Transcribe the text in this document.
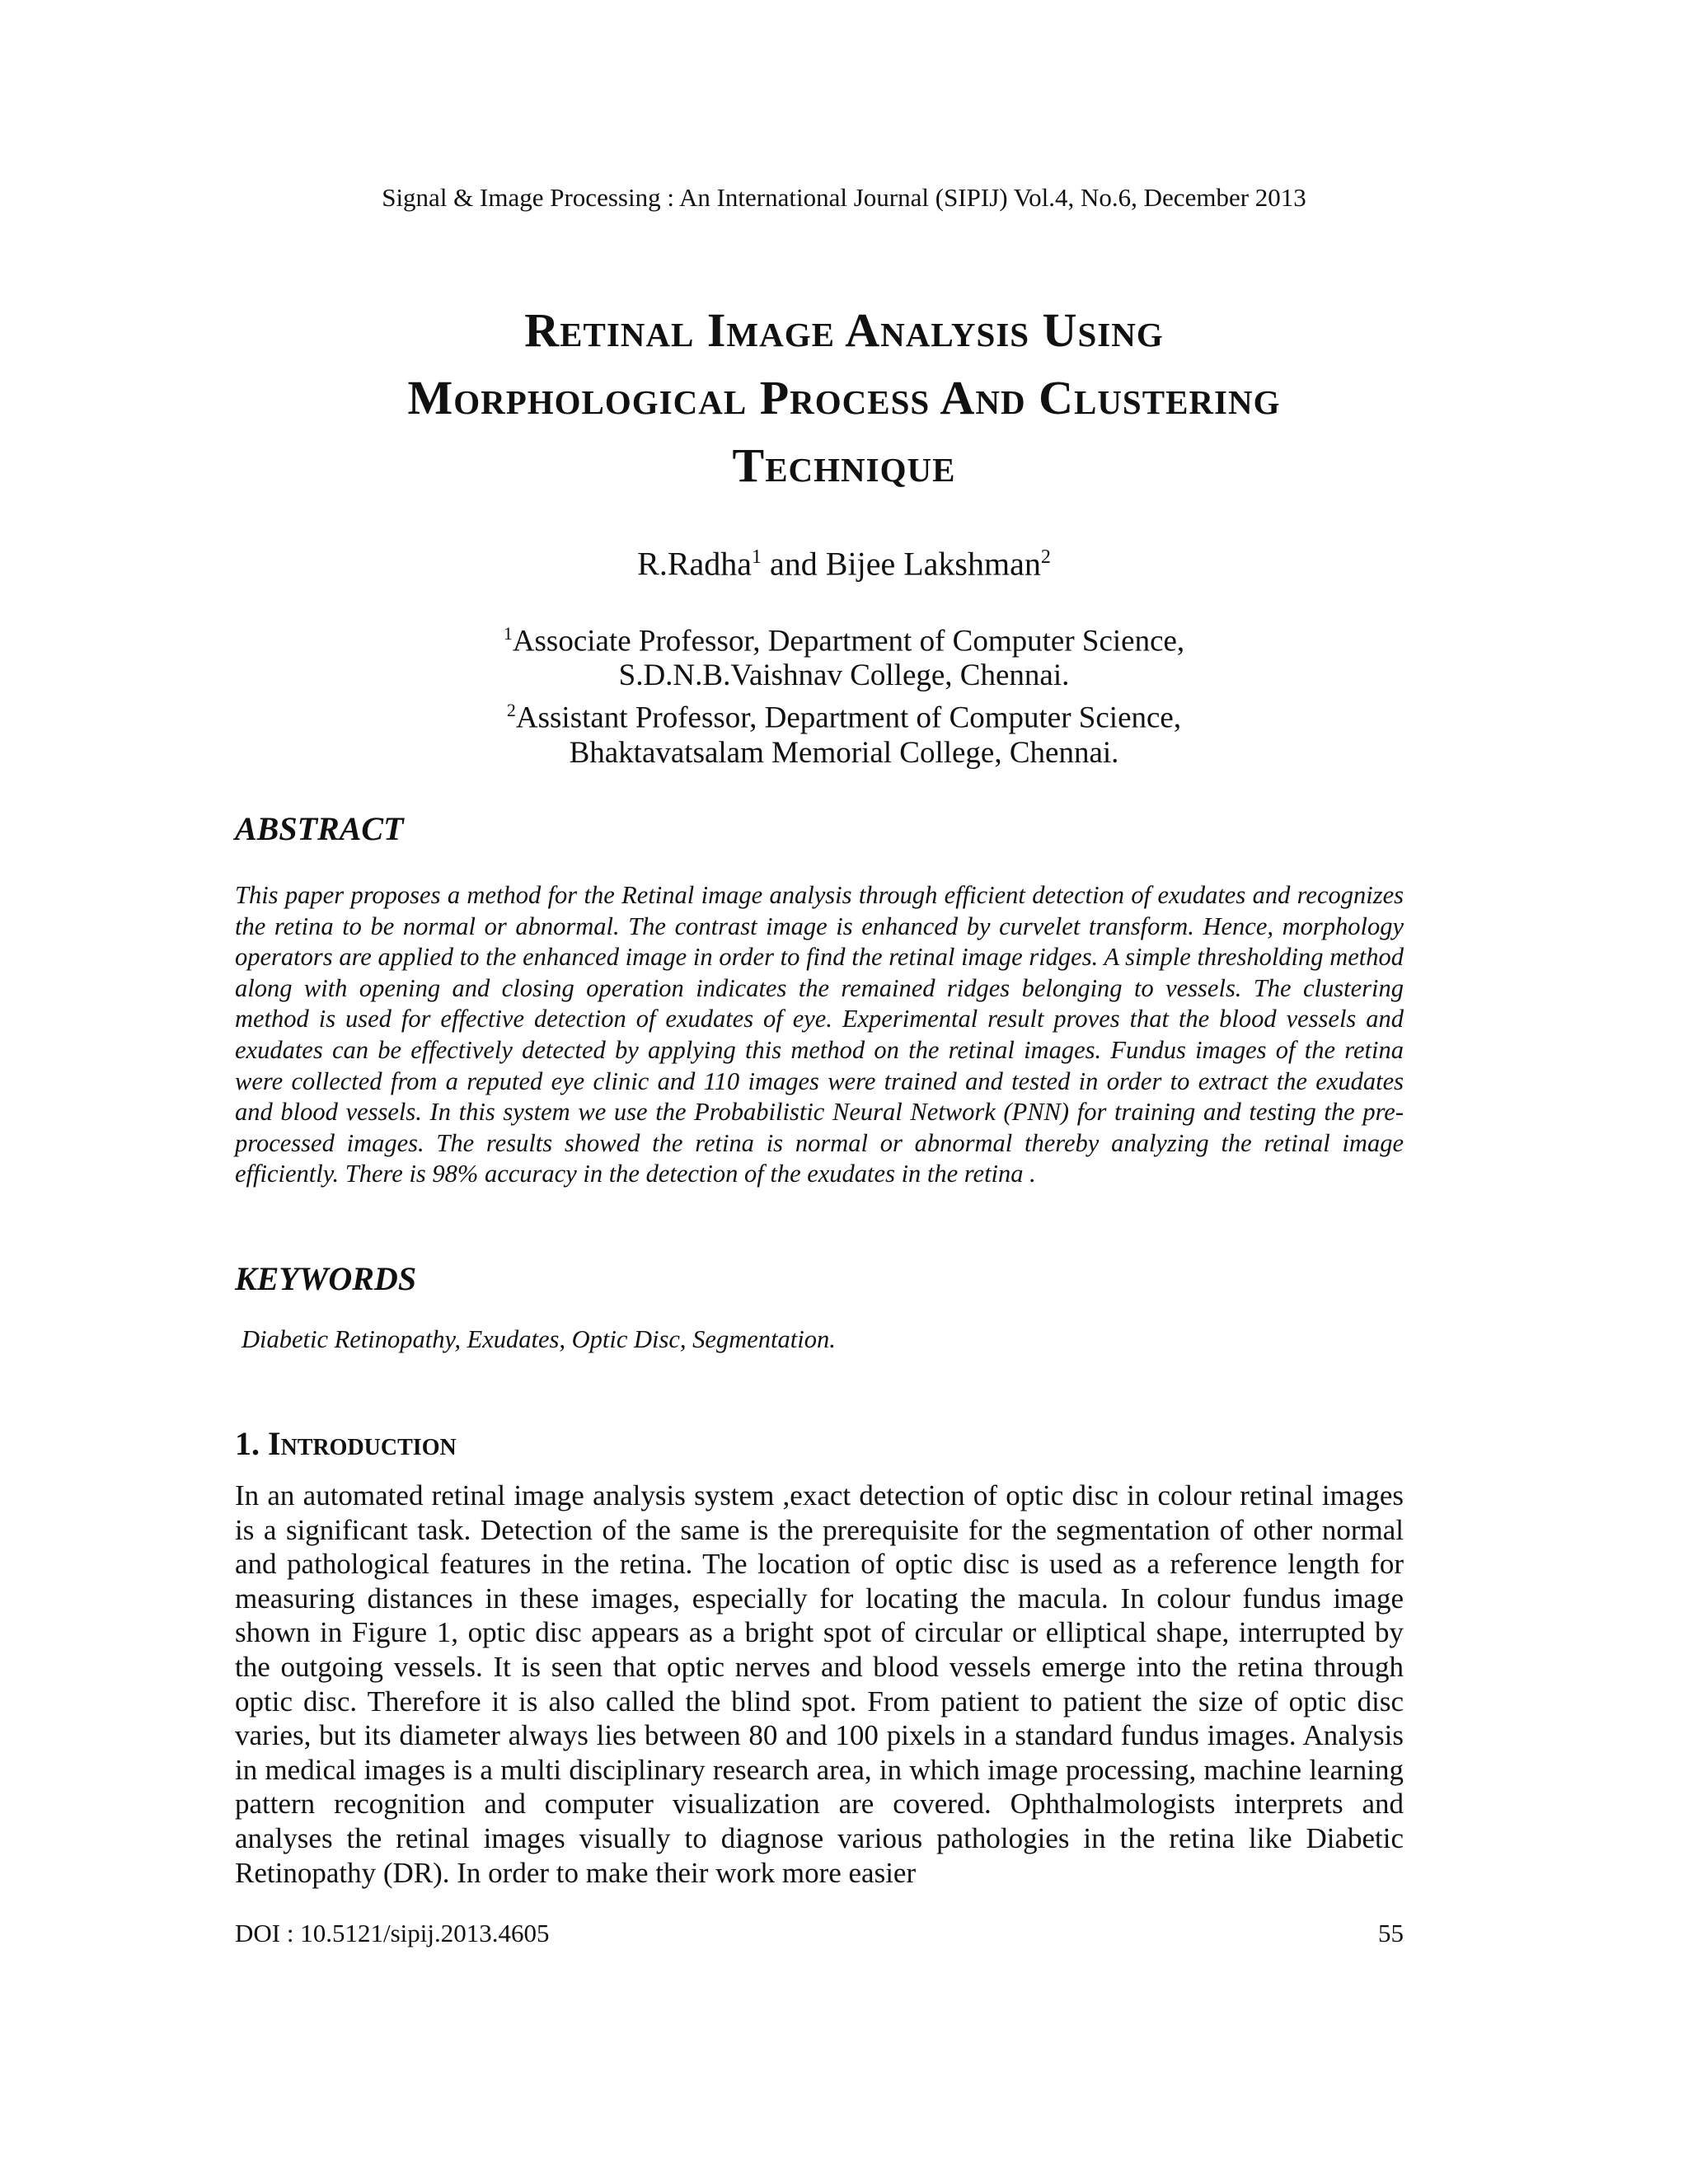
Signal & Image Processing : An International Journal (SIPIJ) Vol.4, No.6, December 2013
Retinal Image Analysis Using
Morphological Process And Clustering
Technique
R.Radha$^1$ and Bijee Lakshman$^2$
$^1$Associate Professor, Department of Computer Science,
S.D.N.B.Vaishnav College, Chennai.
$^2$Assistant Professor, Department of Computer Science,
Bhaktavatsalam Memorial College, Chennai.
ABSTRACT

This paper proposes a method for the Retinal image analysis through efficient detection of exudates and recognizes the retina to be normal or abnormal. The contrast image is enhanced by curvelet transform. Hence, morphology operators are applied to the enhanced image in order to find the retinal image ridges. A simple thresholding method along with opening and closing operation indicates the remained ridges belonging to vessels. The clustering method is used for effective detection of exudates of eye. Experimental result proves that the blood vessels and exudates can be effectively detected by applying this method on the retinal images. Fundus images of the retina were collected from a reputed eye clinic and 110 images were trained and tested in order to extract the exudates and blood vessels. In this system we use the Probabilistic Neural Network (PNN) for training and testing the pre-processed images. The results showed the retina is normal or abnormal thereby analyzing the retinal image efficiently. There is 98% accuracy in the detection of the exudates in the retina .

KEYWORDS

Diabetic Retinopathy, Exudates, Optic Disc, Segmentation.

1. Introduction

In an automated retinal image analysis system ,exact detection of optic disc in colour retinal images is a significant task. Detection of the same is the prerequisite for the segmentation of other normal and pathological features in the retina. The location of optic disc is used as a reference length for measuring distances in these images, especially for locating the macula. In colour fundus image shown in Figure 1, optic disc appears as a bright spot of circular or elliptical shape, interrupted by the outgoing vessels. It is seen that optic nerves and blood vessels emerge into the retina through optic disc. Therefore it is also called the blind spot. From patient to patient the size of optic disc varies, but its diameter always lies between 80 and 100 pixels in a standard fundus images. Analysis in medical images is a multi disciplinary research area, in which image processing, machine learning pattern recognition and computer visualization are covered. Ophthalmologists interprets and analyses the retinal images visually to diagnose various pathologies in the retina like Diabetic Retinopathy (DR). In order to make their work more easier

DOI : 10.5121/sipij.2013.4605	55
